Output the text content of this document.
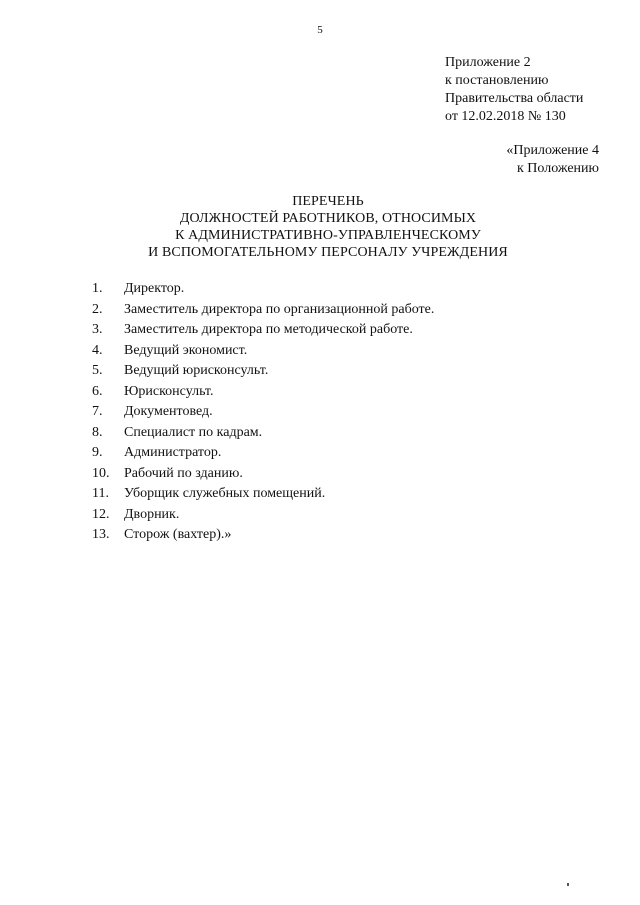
5
Приложение 2
к постановлению
Правительства области
от 12.02.2018 № 130
«Приложение 4
к Положению
ПЕРЕЧЕНЬ
ДОЛЖНОСТЕЙ РАБОТНИКОВ, ОТНОСИМЫХ
К АДМИНИСТРАТИВНО-УПРАВЛЕНЧЕСКОМУ
И ВСПОМОГАТЕЛЬНОМУ ПЕРСОНАЛУ УЧРЕЖДЕНИЯ
1.	Директор.
2.	Заместитель директора по организационной работе.
3.	Заместитель директора по методической работе.
4.	Ведущий экономист.
5.	Ведущий юрисконсульт.
6.	Юрисконсульт.
7.	Документовед.
8.	Специалист по кадрам.
9.	Администратор.
10.	Рабочий по зданию.
11.	Уборщик служебных помещений.
12.	Дворник.
13.	Сторож (вахтер).»
